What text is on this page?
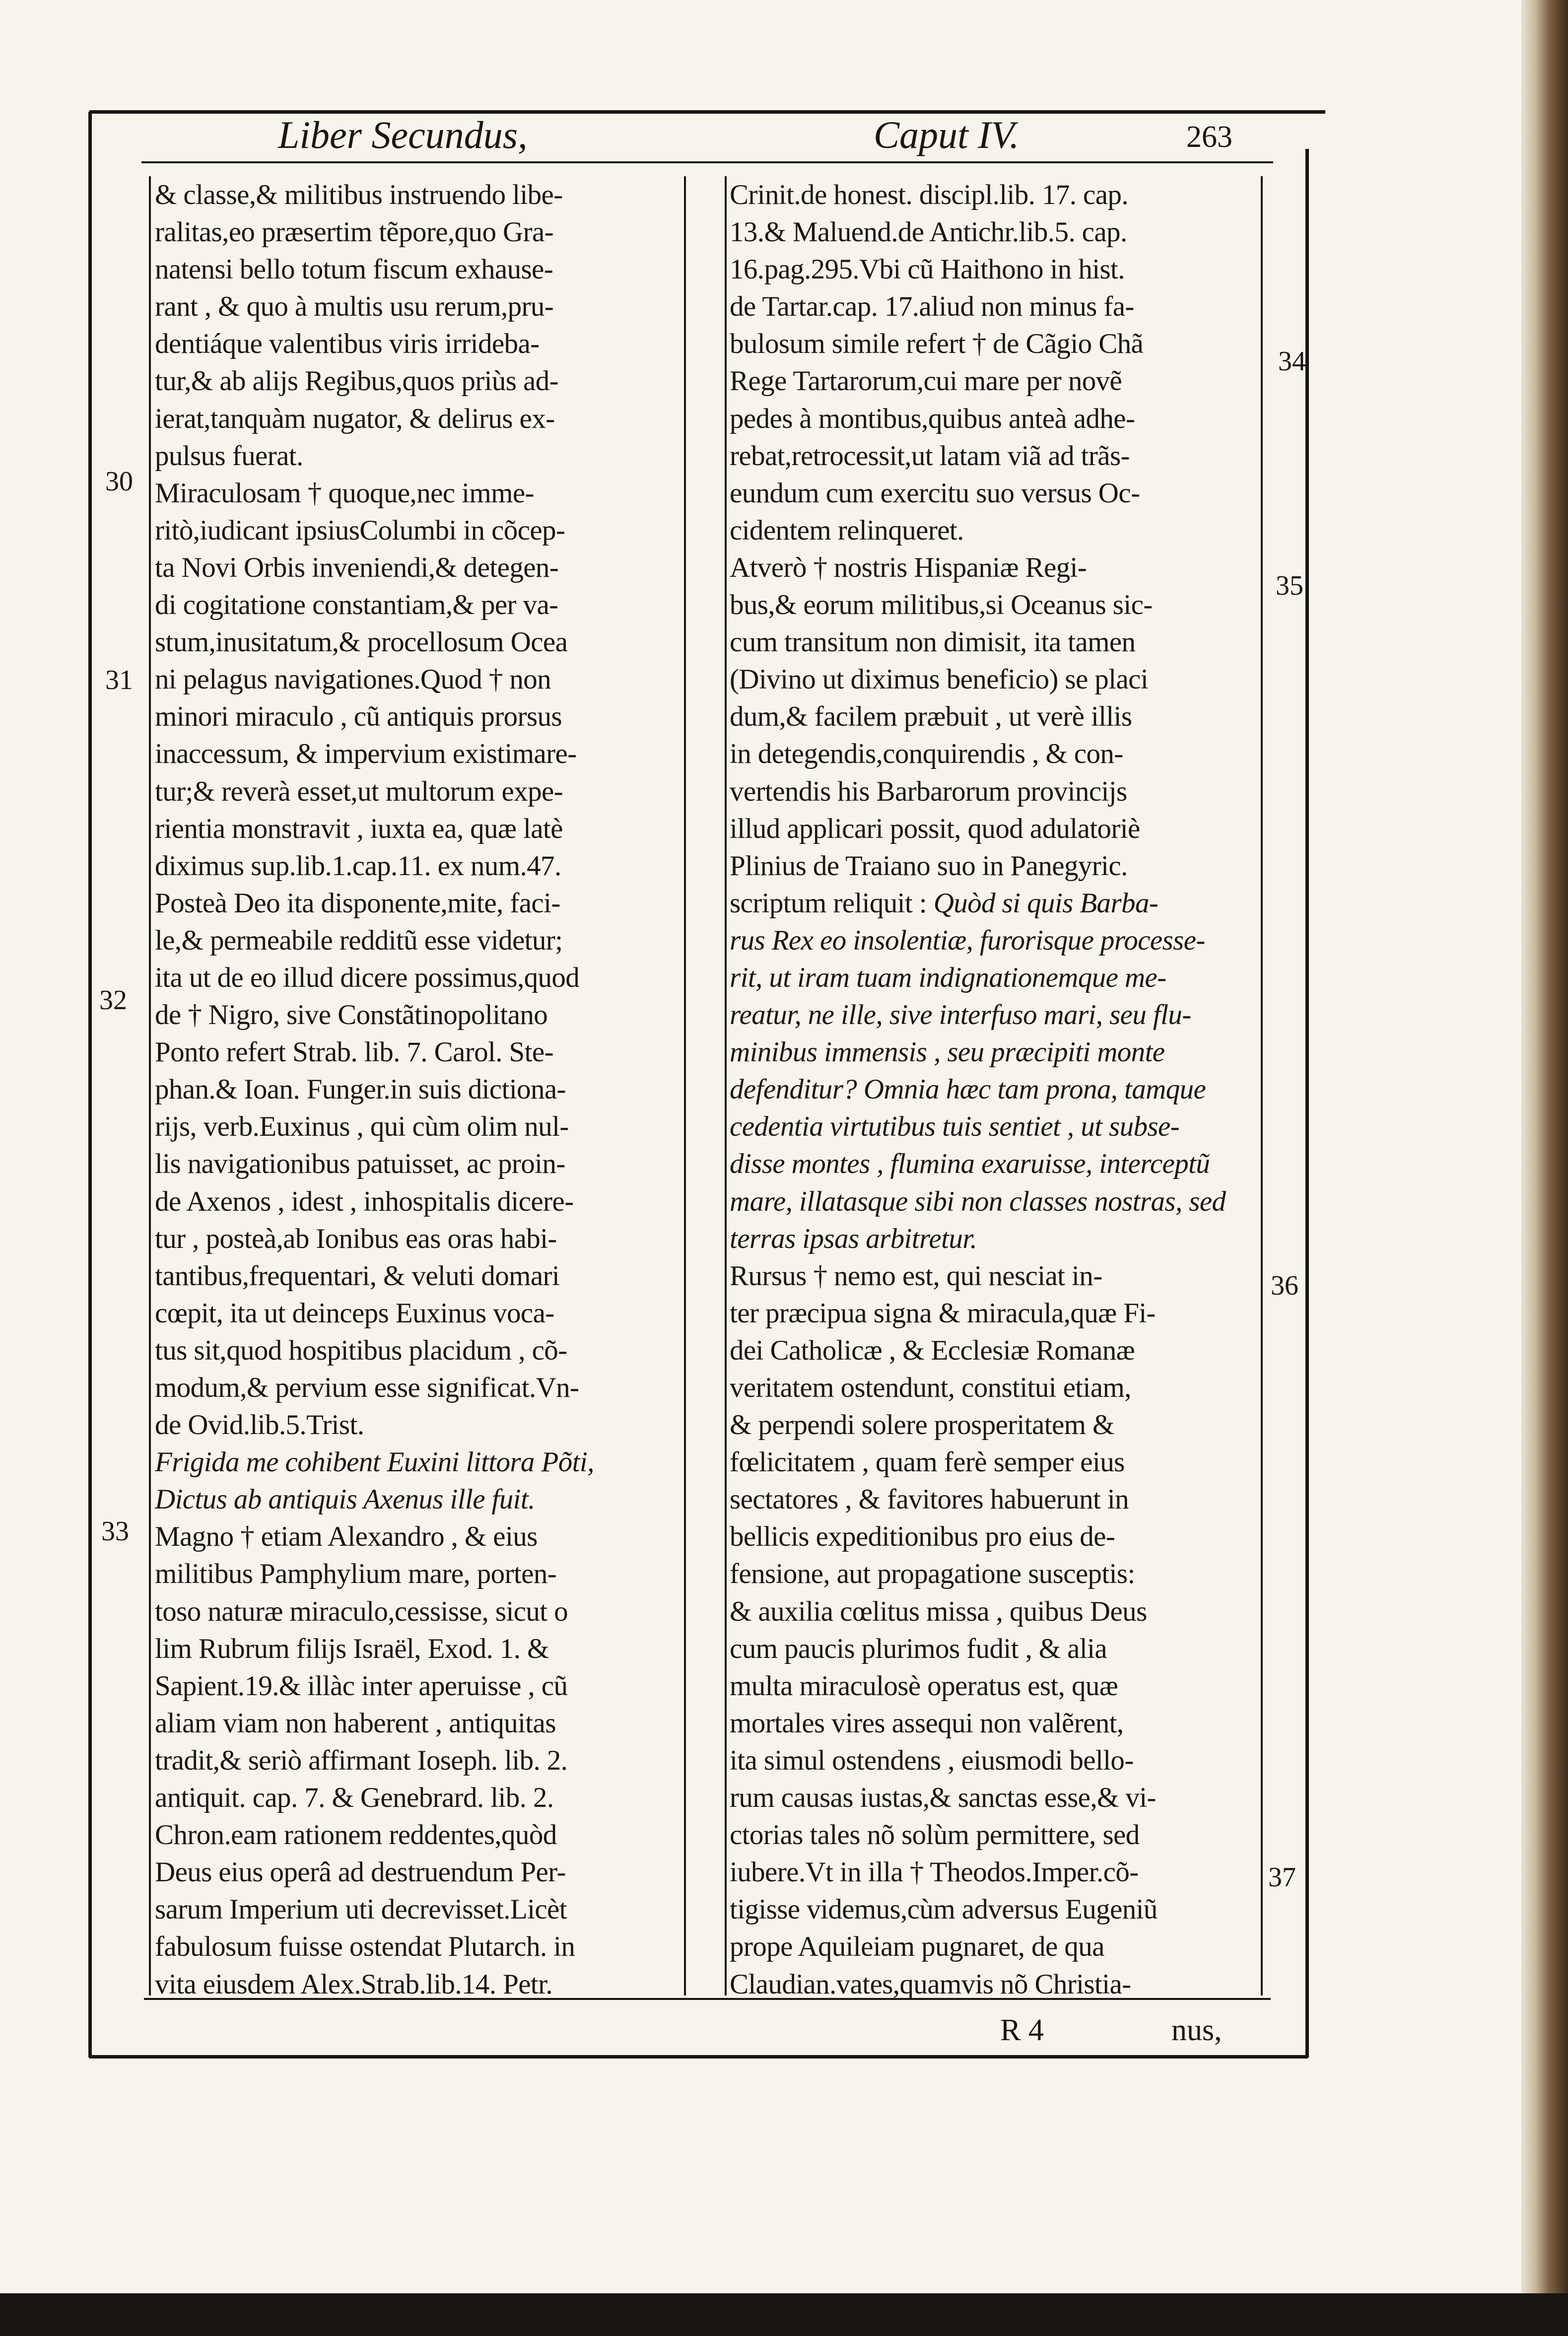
Liber Secundus,	Caput IV.	263
& classe,& militibus instruendo libe-
ralitas,eo præsertim tẽpore,quo Gra-
natensi bello totum fiscum exhause-
rant , & quo à multis usu rerum,pru-
dentiáque valentibus viris irrideba-
tur,& ab alijs Regibus,quos priùs ad-
ierat,tanquàm nugator, & delirus ex-
pulsus fuerat.
Miraculosam † quoque,nec immе-
ritò,iudicant ipsiusColumbi in cõcep-
ta Novi Orbis inveniendi,& detegen-
di cogitatione constantiam,& per va-
stum,inusitatum,& procellosum Ocea
ni pelagus navigationes.Quod † non
minori miraculo , cũ antiquis prorsus
inaccessum, & impervium existimare-
tur;& reverà esset,ut multorum expe-
rientia monstravit , iuxta ea, quæ latè
diximus sup.lib.1.cap.11. ex num.47.
Posteà Deo ita disponente,mite, faci-
le,& permeabile redditũ esse videtur;
ita ut de eo illud dicere possimus,quod
de † Nigro, sive Constãtinopolitano
Ponto refert Strab. lib. 7. Carol. Ste-
phan.& Ioan. Funger.in suis dictiona-
rijs, verb.Euxinus , qui cùm olim nul-
lis navigationibus patuisset, ac proin-
de Axenos , idest , inhospitalis dicere-
tur , posteà,ab Ionibus eas oras habi-
tantibus,frequentari, & veluti domari
cœpit, ita ut deinceps Euxinus voca-
tus sit,quod hospitibus placidum , cõ-
modum,& pervium esse significat.Vn-
de Ovid.lib.5.Trist.
Frigida me cohibent Euxini littora Põti,
Dictus ab antiquis Axenus ille fuit.
Magno † etiam Alexandro , & eius
militibus Pamphylium mare, porten-
toso naturæ miraculo,cessisse, sicut o
lim Rubrum filijs Israël, Exod. 1. &
Sapient.19.& illàc inter aperuisse , cũ
aliam viam non haberent , antiquitas
tradit,& seriò affirmant Ioseph. lib. 2.
antiquit. cap. 7. & Genebrard. lib. 2.
Chron.eam rationem reddentes,quòd
Deus eius operâ ad destruendum Per-
sarum Imperium uti decrevisset.Licèt
fabulosum fuisse ostendat Plutarch. in
vita eiusdem Alex.Strab.lib.14. Petr.
Crinit.de honest. discipl.lib. 17. cap.
13.& Maluend.de Antichr.lib.5. cap.
16.pag.295.Vbi cũ Haithono in hist.
de Tartar.cap. 17.aliud non minus fa-
bulosum simile refert † de Cãgio Chã
Rege Tartarorum,cui mare per novẽ
pedes à montibus,quibus anteà adhe-
rebat,retrocessit,ut latam viã ad trãs-
eundum cum exercitu suo versus Oc-
cidentem relinqueret.
Atverò † nostris Hispaniæ Regi-
bus,& eorum militibus,si Oceanus sic-
cum transitum non dimisit, ita tamen
(Divino ut diximus beneficio) se placi
dum,& facilem præbuit , ut verè illis
in detegendis,conquirendis , & con-
vertendis his Barbarorum provincijs
illud applicari possit, quod adulatoriè
Plinius de Traiano suo in Panegyric.
scriptum reliquit : Quòd si quis Barba-
rus Rex eo insolentiæ, furorisque processe-
rit, ut iram tuam indignationemque me-
reatur, ne ille, sive interfuso mari, seu flu-
minibus immensis , seu præcipiti monte
defenditur? Omnia hæc tam prona, tamque
cedentia virtutibus tuis sentiet , ut subse-
disse montes , flumina exaruisse, interceptũ
mare, illatasque sibi non classes nostras, sed
terras ipsas arbitretur.
Rursus † nemo est, qui nesciat in-
ter præcipua signa & miracula,quæ Fi-
dei Catholicæ , & Ecclesiæ Romanæ
veritatem ostendunt, constitui etiam,
& perpendi solere prosperitatem &
fœlicitatem , quam ferè semper eius
sectatores , & favitores habuerunt in
bellicis expeditionibus pro eius de-
fensione, aut propagatione susceptis:
& auxilia cœlitus missa , quibus Deus
cum paucis plurimos fudit , & alia
multa miraculosè operatus est, quæ
mortales vires assequi non valẽrent,
ita simul ostendens , eiusmodi bello-
rum causas iustas,& sanctas esse,& vi-
ctorias tales nõ solùm permittere, sed
iubere.Vt in illa † Theodos.Imper.cõ-
tigisse videmus,cùm adversus Eugeniũ
prope Aquileiam pugnaret, de qua
Claudian.vates,quamvis nõ Christia-
30
31
32
33
34
35
36
37
R 4	nus,
